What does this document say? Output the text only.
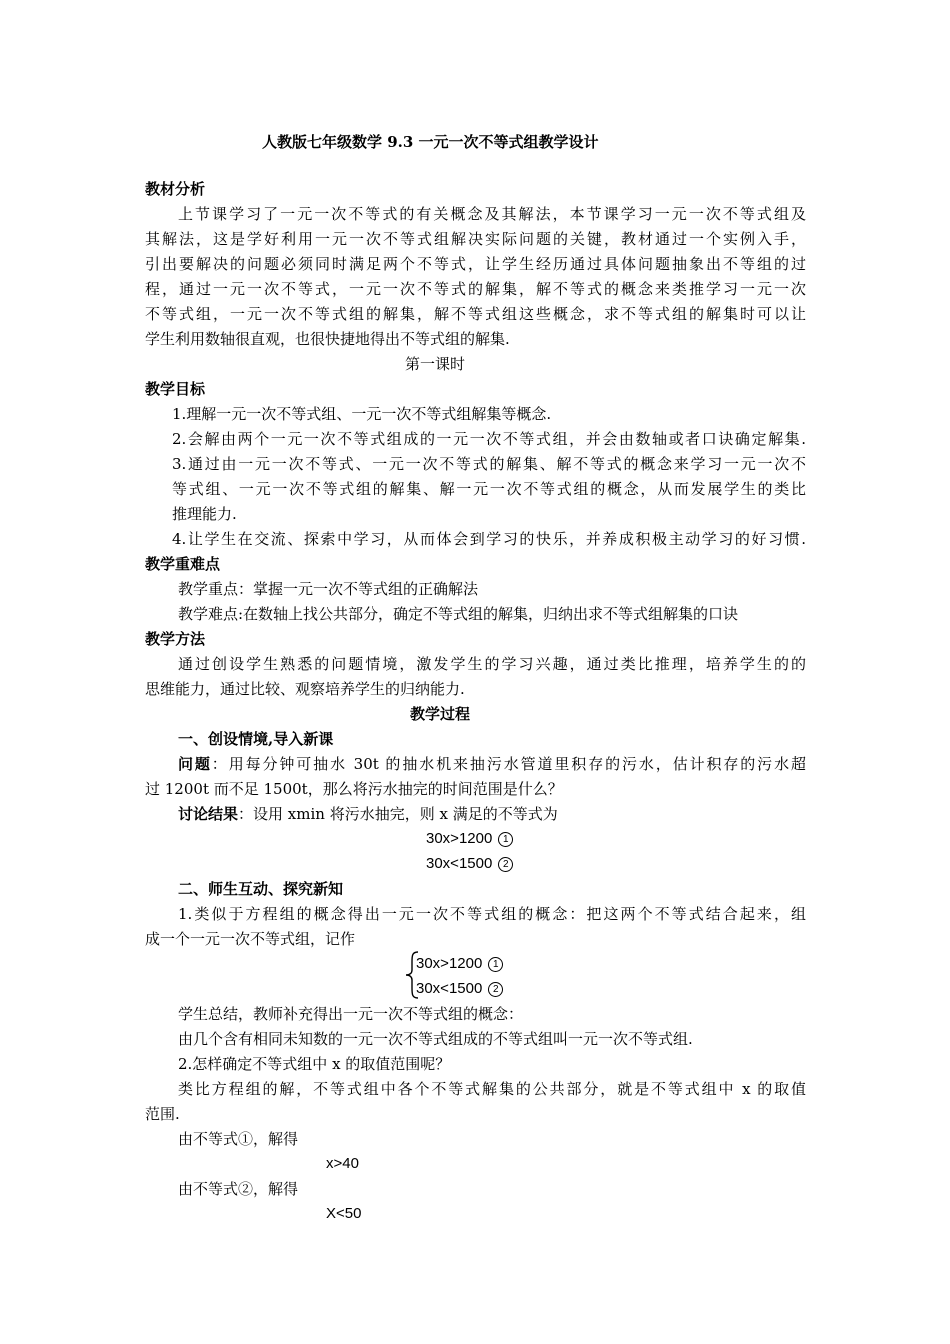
人教版七年级数学 9.3 一元一次不等式组教学设计
教材分析
上节课学习了一元一次不等式的有关概念及其解法，本节课学习一元一次不等式组及
其解法，这是学好利用一元一次不等式组解决实际问题的关键，教材通过一个实例入手，
引出要解决的问题必须同时满足两个不等式，让学生经历通过具体问题抽象出不等组的过
程，通过一元一次不等式，一元一次不等式的解集，解不等式的概念来类推学习一元一次
不等式组，一元一次不等式组的解集，解不等式组这些概念，求不等式组的解集时可以让
学生利用数轴很直观，也很快捷地得出不等式组的解集.
第一课时
教学目标
1.理解一元一次不等式组、一元一次不等式组解集等概念.
2.会解由两个一元一次不等式组成的一元一次不等式组，并会由数轴或者口诀确定解集.
3.通过由一元一次不等式、一元一次不等式的解集、解不等式的概念来学习一元一次不
等式组、一元一次不等式组的解集、解一元一次不等式组的概念，从而发展学生的类比
推理能力.
4.让学生在交流、探索中学习，从而体会到学习的快乐，并养成积极主动学习的好习惯.
教学重难点
教学重点：掌握一元一次不等式组的正确解法
教学难点:在数轴上找公共部分，确定不等式组的解集，归纳出求不等式组解集的口诀
教学方法
通过创设学生熟悉的问题情境，激发学生的学习兴趣，通过类比推理，培养学生的的
思维能力，通过比较、观察培养学生的归纳能力.
教学过程
一、创设情境,导入新课
问题：用每分钟可抽水 30t 的抽水机来抽污水管道里积存的污水，估计积存的污水超
过 1200t 而不足 1500t，那么将污水抽完的时间范围是什么？
讨论结果：设用 xmin 将污水抽完，则 x 满足的不等式为
30x>1200 1
30x<1500 2
二、师生互动、探究新知
1.类似于方程组的概念得出一元一次不等式组的概念：把这两个不等式结合起来，组
成一个一元一次不等式组，记作
30x>1200 1
30x<1500 2
学生总结，教师补充得出一元一次不等式组的概念：
由几个含有相同未知数的一元一次不等式组成的不等式组叫一元一次不等式组.
2.怎样确定不等式组中 x 的取值范围呢？
类比方程组的解，不等式组中各个不等式解集的公共部分，就是不等式组中 x 的取值
范围.
由不等式①，解得
x>40
由不等式②，解得
X<50
